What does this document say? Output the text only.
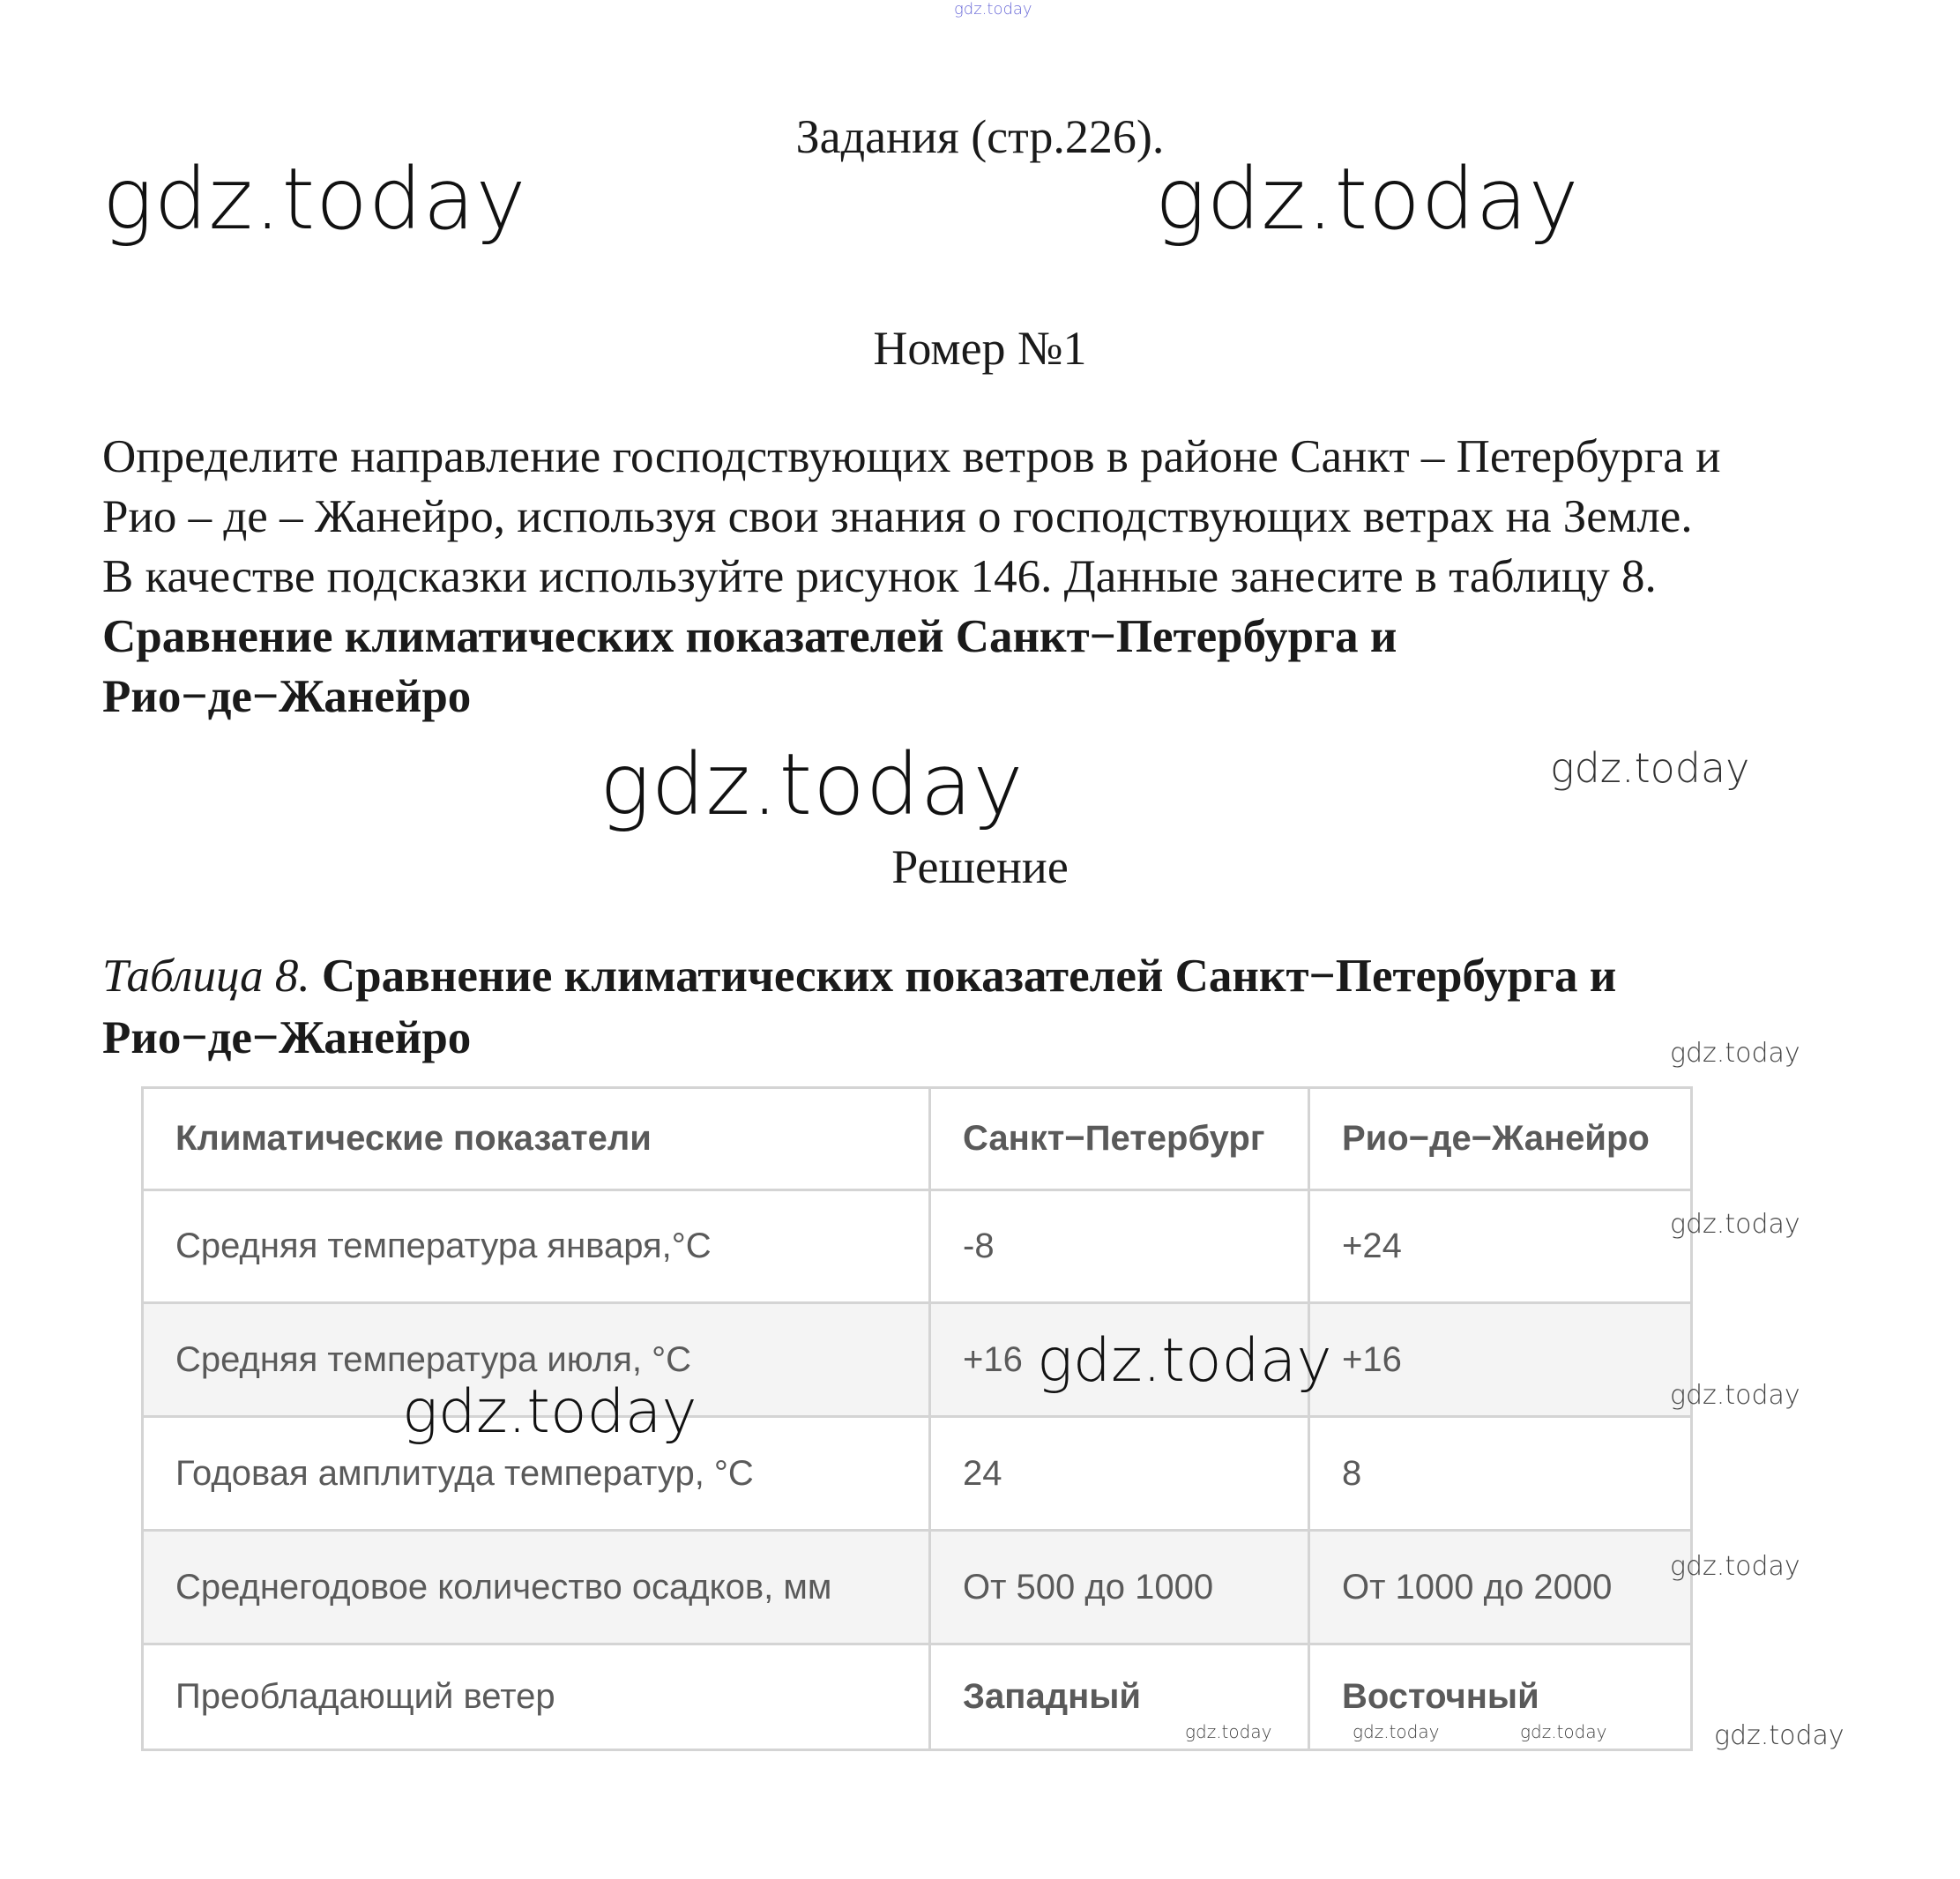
gdz.today
Задания (стр.226).
gdz.today	gdz.today
Номер №1

Определите направление господствующих ветров в районе Санкт – Петербурга и Рио – де – Жанейро, используя свои знания о господствующих ветрах на Земле. В качестве подсказки используйте рисунок 146. Данные занесите в таблицу 8.

Сравнение климатических показателей Санкт−Петербурга и Рио−де−Жанейро

gdz.today	gdz.today
Решение
Таблица 8. Сравнение климатических показателей Санкт−Петербурга и Рио−де−Жанейро
Климатические показатели	Санкт−Петербург	Рио−де−Жанейро
Средняя температура января,°С	-8	+24
Средняя температура июля, °С	+16	+16
Годовая амплитуда температур, °С	24	8
Среднегодовое количество осадков, мм	От 500 до 1000	От 1000 до 2000
Преобладающий ветер	Западный	Восточный
gdz.today
gdz.today
gdz.today
gdz.today	gdz.today
gdz.today
gdz.today	gdz.today	gdz.today	gdz.today
